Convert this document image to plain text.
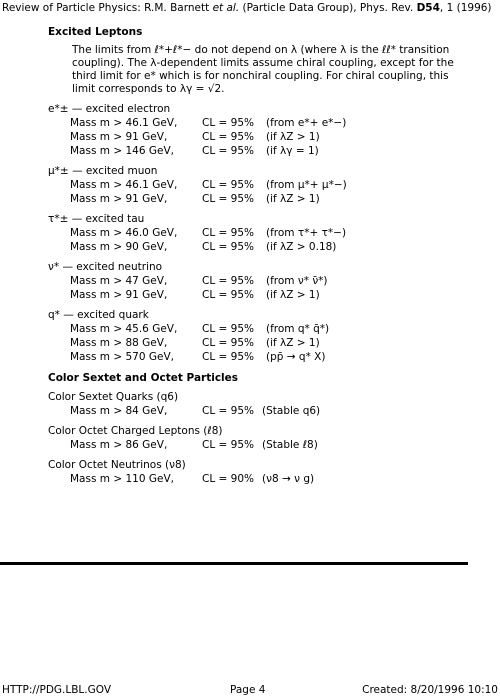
Review of Particle Physics: R.M. Barnett et al. (Particle Data Group), Phys. Rev. D54, 1 (1996)
Excited Leptons
The limits from ℓ*+ℓ*− do not depend on λ (where λ is the ℓℓ* transition coupling). The λ-dependent limits assume chiral coupling, except for the third limit for e* which is for nonchiral coupling. For chiral coupling, this limit corresponds to λγ = √2.
e*± — excited electron
Mass m > 46.1 GeV,	CL = 95%	(from e*+ e*−)
Mass m > 91 GeV,	CL = 95%	(if λZ > 1)
Mass m > 146 GeV,	CL = 95%	(if λγ = 1)
μ*± — excited muon
Mass m > 46.1 GeV,	CL = 95%	(from μ*+ μ*−)
Mass m > 91 GeV,	CL = 95%	(if λZ > 1)
τ*± — excited tau
Mass m > 46.0 GeV,	CL = 95%	(from τ*+ τ*−)
Mass m > 90 GeV,	CL = 95%	(if λZ > 0.18)
ν* — excited neutrino
Mass m > 47 GeV,	CL = 95%	(from ν* ν̄*)
Mass m > 91 GeV,	CL = 95%	(if λZ > 1)
q* — excited quark
Mass m > 45.6 GeV,	CL = 95%	(from q* q̄*)
Mass m > 88 GeV,	CL = 95%	(if λZ > 1)
Mass m > 570 GeV,	CL = 95%	(pp̄ → q* X)
Color Sextet and Octet Particles
Color Sextet Quarks (q6)
Mass m > 84 GeV,	CL = 95% (Stable q6)
Color Octet Charged Leptons (ℓ8)
Mass m > 86 GeV,	CL = 95% (Stable ℓ8)
Color Octet Neutrinos (ν8)
Mass m > 110 GeV,	CL = 90% (ν8 → ν g)
HTTP://PDG.LBL.GOV	Page 4	Created: 8/20/1996 10:10
